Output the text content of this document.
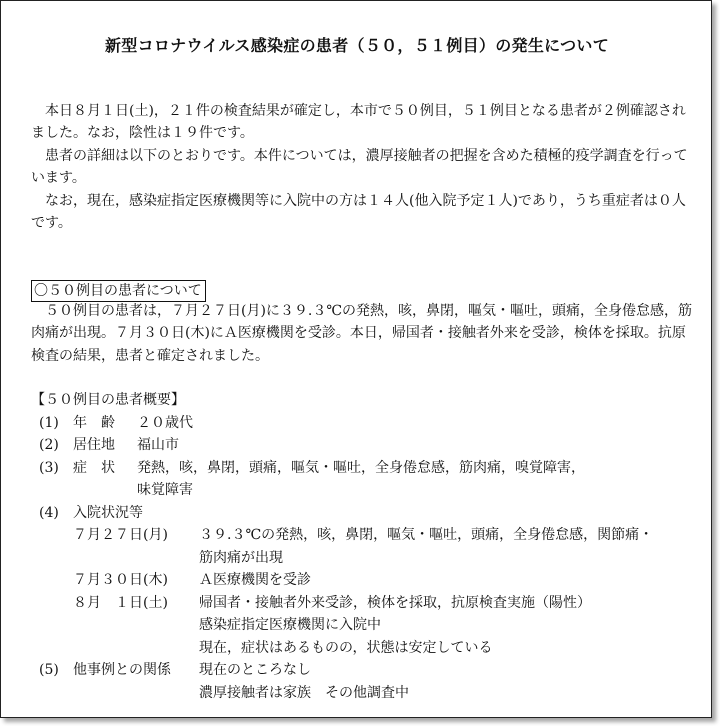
新型コロナウイルス感染症の患者（５０，５１例目）の発生について

本日８月１日(土)，２１件の検査結果が確定し，本市で５０例目，５１例目となる患者が２例確認されました。なお，陰性は１９件です。

患者の詳細は以下のとおりです。本件については，濃厚接触者の把握を含めた積極的疫学調査を行っています。

なお，現在，感染症指定医療機関等に入院中の方は１４人(他入院予定１人)であり，うち重症者は０人です。

〇５０例目の患者について

５０例目の患者は，７月２７日(月)に３９.３℃の発熱，咳，鼻閉，嘔気・嘔吐，頭痛，全身倦怠感，筋肉痛が出現。７月３０日(木)にＡ医療機関を受診。本日，帰国者・接触者外来を受診，検体を採取。抗原検査の結果，患者と確定されました。

【５０例目の患者概要】
(1) 年　齢 ２０歳代
(2) 居住地 福山市
(3) 症　状 発熱，咳，鼻閉，頭痛，嘔気・嘔吐，全身倦怠感，筋肉痛，嗅覚障害，
味覚障害
(4) 入院状況等
７月２７日(月) ３９.３℃の発熱，咳，鼻閉，嘔気・嘔吐，頭痛，全身倦怠感，関節痛・
筋肉痛が出現
７月３０日(木) Ａ医療機関を受診
８月　１日(土) 帰国者・接触者外来受診，検体を採取，抗原検査実施（陽性）
感染症指定医療機関に入院中
現在，症状はあるものの，状態は安定している
(5) 他事例との関係 現在のところなし
濃厚接触者は家族　その他調査中
